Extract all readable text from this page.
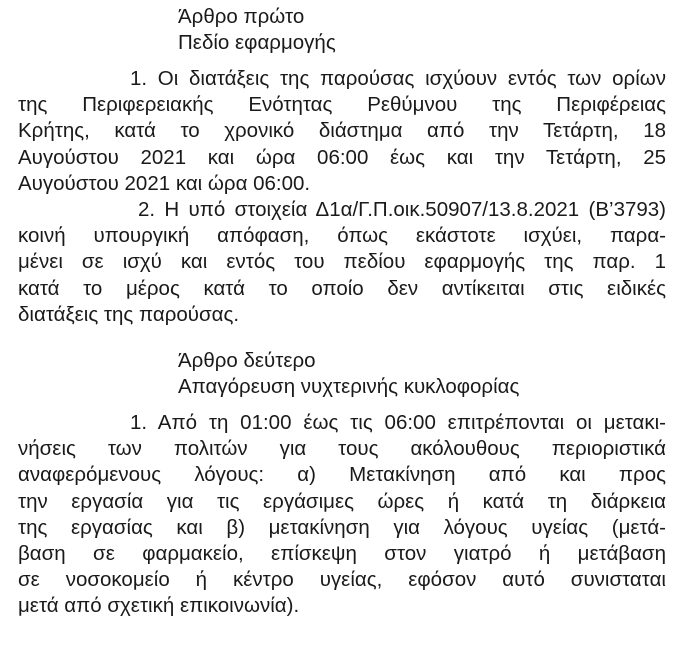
Άρθρο πρώτο
Πεδίο εφαρμογής

1. Οι διατάξεις της παρούσας ισχύουν εντός των ορίων
της Περιφερειακής Ενότητας Ρεθύμνου της Περιφέρειας
Κρήτης, κατά το χρονικό διάστημα από την Τετάρτη, 18
Αυγούστου 2021 και ώρα 06:00 έως και την Τετάρτη, 25
Αυγούστου 2021 και ώρα 06:00.

2. Η υπό στοιχεία Δ1α/Γ.Π.οικ.50907/13.8.2021 (Β’3793)
κοινή υπουργική απόφαση, όπως εκάστοτε ισχύει, παρα-
μένει σε ισχύ και εντός του πεδίου εφαρμογής της παρ. 1
κατά το μέρος κατά το οποίο δεν αντίκειται στις ειδικές
διατάξεις της παρούσας.

Άρθρο δεύτερο
Απαγόρευση νυχτερινής κυκλοφορίας

1. Από τη 01:00 έως τις 06:00 επιτρέπονται οι μετακι-
νήσεις των πολιτών για τους ακόλουθους περιοριστικά
αναφερόμενους λόγους: α) Μετακίνηση από και προς
την εργασία για τις εργάσιμες ώρες ή κατά τη διάρκεια
της εργασίας και β) μετακίνηση για λόγους υγείας (μετά-
βαση σε φαρμακείο, επίσκεψη στον γιατρό ή μετάβαση
σε νοσοκομείο ή κέντρο υγείας, εφόσον αυτό συνισταται
μετά από σχετική επικοινωνία).
